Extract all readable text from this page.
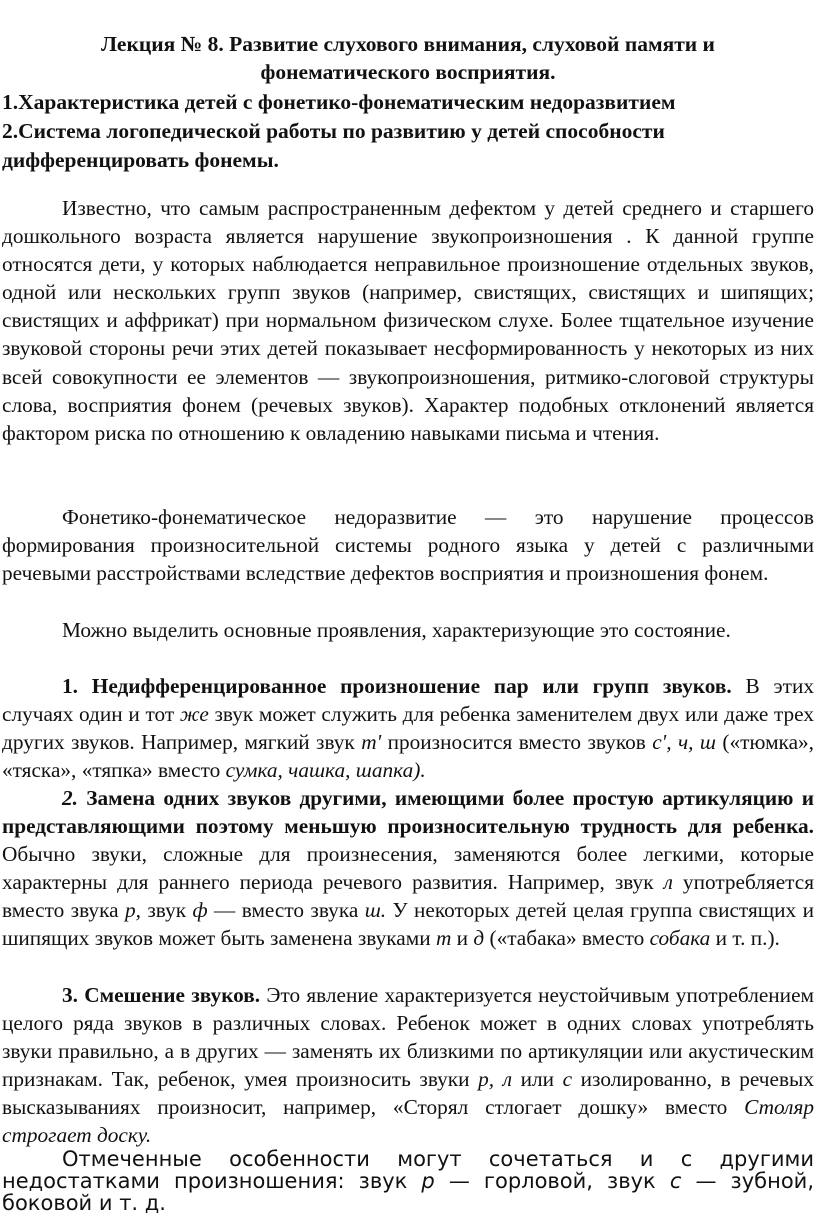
Лекция № 8. Развитие слухового внимания, слуховой памяти и
фонематического восприятия.
1.Характеристика детей с фонетико-фонематическим недоразвитием
2.Система логопедической работы по развитию у детей способности
дифференцировать фонемы.

Известно, что самым распространенным дефектом у детей среднего и старшего дошкольного возраста является нарушение звукопроизношения . К данной группе относятся дети, у которых наблюдается неправильное произношение отдельных звуков, одной или нескольких групп звуков (например, свистящих, свистящих и шипящих; свистящих и аффрикат) при нормальном физическом слухе. Более тщательное изучение звуковой стороны речи этих детей показывает несформированность у некоторых из них всей совокупности ее элементов — звукопроизношения, ритмико-слоговой структуры слова, восприятия фонем (речевых звуков). Характер подобных отклонений является фактором риска по отношению к овладению навыками письма и чтения.

Фонетико-фонематическое недоразвитие — это нарушение процессов формирования произносительной системы родного языка у детей с различными речевыми расстройствами вследствие дефектов восприятия и произношения фонем.

Можно выделить основные проявления, характеризующие это состояние.

1. Недифференцированное произношение пар или групп звуков. В этих случаях один и тот же звук может служить для ребенка заменителем двух или даже трех других звуков. Например, мягкий звук т' произносится вместо звуков с', ч, ш («тюмка», «тяска», «тяпка» вместо сумка, чашка, шапка).

2. Замена одних звуков другими, имеющими более простую артикуляцию и представляющими поэтому меньшую произносительную трудность для ребенка. Обычно звуки, сложные для произнесения, заменяются более легкими, которые характерны для раннего периода речевого развития. Например, звук л употребляется вместо звука р, звук ф — вместо звука ш. У некоторых детей целая группа свистящих и шипящих звуков может быть заменена звуками т и д («табака» вместо собака и т. п.).

3. Смешение звуков. Это явление характеризуется неустойчивым употреблением целого ряда звуков в различных словах. Ребенок может в одних словах употреблять звуки правильно, а в других — заменять их близкими по артикуляции или акустическим признакам. Так, ребенок, умея произносить звуки р, л или с изолированно, в речевых высказываниях произносит, например, «Сторял стлогает дошку» вместо Столяр строгает доску.

Отмеченные особенности могут сочетаться и с другими недостатками произношения: звук р — горловой, звук с — зубной, боковой и т. д.
